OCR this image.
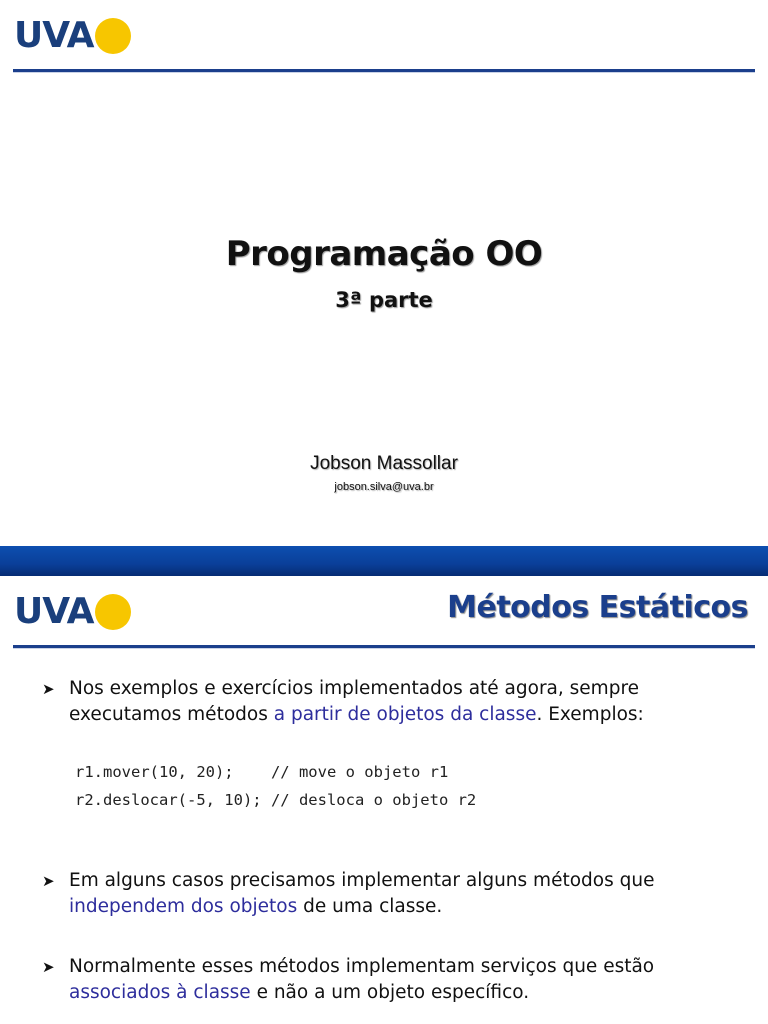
UVA
Programação OO
3ª parte
Jobson Massollar
jobson.silva@uva.br
UVA	Métodos Estáticos

➤ Nos exemplos e exercícios implementados até agora, sempre executamos métodos a partir de objetos da classe. Exemplos:

r1.mover(10, 20);    // move o objeto r1
r2.deslocar(-5, 10); // desloca o objeto r2

➤ Em alguns casos precisamos implementar alguns métodos que independem dos objetos de uma classe.

➤ Normalmente esses métodos implementam serviços que estão associados à classe e não a um objeto específico.
